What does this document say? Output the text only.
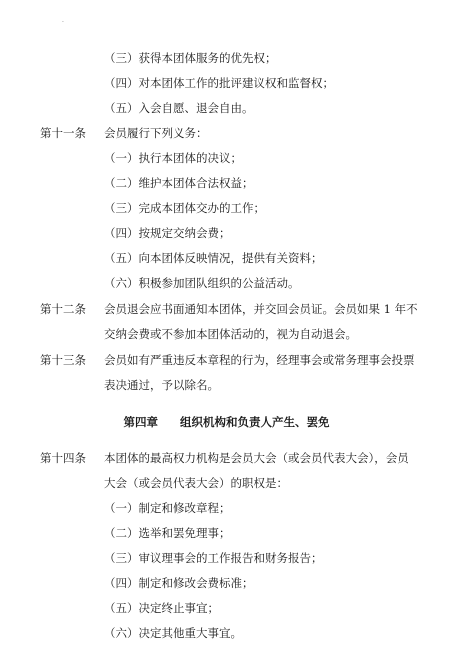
·
（三）获得本团体服务的优先权；
（四）对本团体工作的批评建议权和监督权；
（五）入会自愿、退会自由。
第十一条 会员履行下列义务：
（一）执行本团体的决议；
（二）维护本团体合法权益；
（三）完成本团体交办的工作；
（四）按规定交纳会费；
（五）向本团体反映情况，提供有关资料；
（六）积极参加团队组织的公益活动。
第十二条 会员退会应书面通知本团体，并交回会员证。会员如果 1 年不
交纳会费或不参加本团体活动的，视为自动退会。
第十三条 会员如有严重违反本章程的行为，经理事会或常务理事会投票
表决通过，予以除名。
第四章 组织机构和负责人产生、罢免
第十四条 本团体的最高权力机构是会员大会（或会员代表大会），会员
大会（或会员代表大会）的职权是：
（一）制定和修改章程；
（二）选举和罢免理事；
（三）审议理事会的工作报告和财务报告；
（四）制定和修改会费标准；
（五）决定终止事宜；
（六）决定其他重大事宜。
